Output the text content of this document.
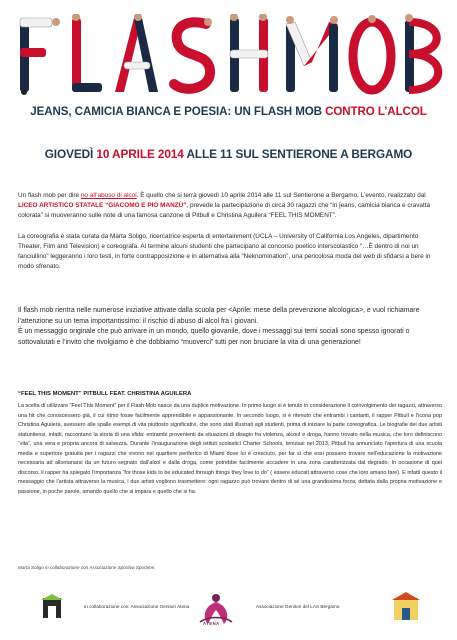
JEANS, CAMICIA BIANCA E POESIA: UN FLASH MOB CONTRO L’ALCOL
GIOVEDÌ 10 APRILE 2014 ALLE 11 SUL SENTIERONE A BERGAMO

Un flash mob per dire no all’abuso di alcol. È quello che si terrà giovedì 10 aprile 2014 alle 11 sul Sentierone a Bergamo. L’evento, realizzato dal LICEO ARTISTICO STATALE “GIACOMO E PIO MANZÙ”, prevede la partecipazione di circa 30 ragazzi che “in jeans, camicia bianca e cravatta colorata” si muoveranno sulle note di una famosa canzone di Pitbull e Christina Aguilera “FEEL THIS MOMENT”.

La coreografia è stata curata da Marta Soligo, ricercatrice esperta di entertainment (UCLA – University of California Los Angeles, dipartimento Theater, Film and Television) e coreografa. Al termine alcuni studenti che partecipano al concorso poetico interscolastico “…È dentro di noi un fanciullino” leggeranno i loro testi, in forte contrapposizione e in alternativa alla “Neknomination”, una pericolosa moda del web di sfidarsi a bere in modo sfrenato.

Il flash mob rientra nelle numerose iniziative attivate dalla scuola per <Aprile: mese della prevenzione alcologica>, e vuol richiamare l’attenzione su un tema importantissimo: il rischio di abuso di alcol fra i giovani.

È un messaggio originale che può arrivare in un mondo, quello giovanile, dove i messaggi sui temi sociali sono spesso ignorati o sottovalutati e l’invito che rivolgiamo è che dobbiamo “muoverci” tutti per non bruciare la vita di una generazione!

“FEEL THIS MOMENT” PITBULL FEAT. CHRISTINA AGUILERA
La scelta di utilizzare “Feel This Moment” per il Flash Mob nasce da una duplice motivazione. In primo luogo si è tenuto in considerazione il coinvolgimento dei ragazzi, attraverso una hit che conoscessero già, il cui ritmo fosse facilmente apprendibile e appassionante. In secondo luogo, si è ritenuto che entrambi i cantanti, il rapper Pitbull e l’icona pop Christina Aguilera, avessero alle spalle esempi di vita piuttosto significativi, che sono stati illustrati agli studenti, prima di iniziare la parte coreografica. Le biografie dei due artisti statunitensi, infatti, raccontano la storia di una sfida: entrambi provenienti da situazioni di disagio fra violenza, alcool e droga, hanno trovato nella musica, che loro definiscono “vita”, una vera e propria ancora di salvezza. Durante l’inaugurazione degli istituti scolastici Charter Schools, tenutasi nel 2013, Pitbull ha annunciato l’apertura di una scuola media e superiore gratuita per i ragazzi che vivono nel quartiere periferico di Miami dove lui è cresciuto, per far sì che essi possano trovare nell’educazione la motivazione necessaria ad allontanarsi da un futuro segnato dall’alcol e dalla droga, come potrebbe facilmente accadere in una zona caratterizzata dal degrado. In occasione di quel discorso, il rapper ha spiegato l’importanza “for those kids to be educated through things they love to do” ( essere educati attraverso cose che loro amano fare). E infatti questo il messaggio che l’artista attraverso la musica, i due artisti vogliono trasmettere: ogni ragazzo può trovare dentro di sé una grandissima forza, dettata dalla propria motivazione e passione, in poche parole, amando quello che si impara e quello che si ha.
Marta Soligo in collaborazione con Associazione Sportiva Sportime.
In collaborazione con: Associazione Genitori Atena
ATENA
Associazione Genitori del LAS Bergamo
